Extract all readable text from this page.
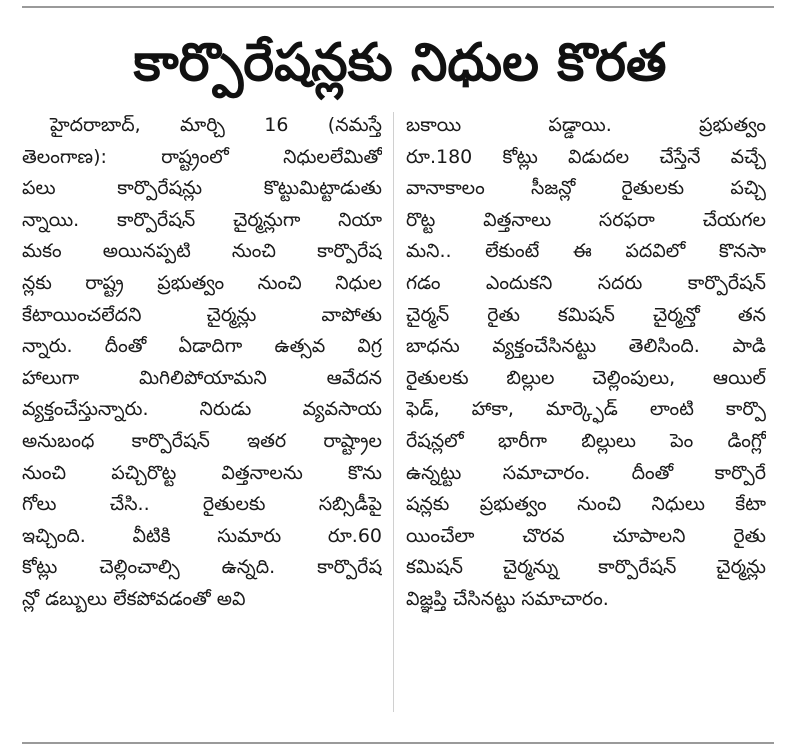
కార్పొరేషన్లకు నిధుల కొరత
హైదరాబాద్, మార్చి 16 (నమస్తే
తెలంగాణ): రాష్ట్రంలో నిధులలేమితో
పలు కార్పొరేషన్లు కొట్టుమిట్టాడుతు
న్నాయి. కార్పొరేషన్ చైర్మన్లుగా నియా
మకం అయినప్పటి నుంచి కార్పొరేష
న్లకు రాష్ట్ర ప్రభుత్వం నుంచి నిధుల
కేటాయించలేదని చైర్మన్లు వాపోతు
న్నారు. దీంతో ఏడాదిగా ఉత్సవ విగ్ర
హాలుగా మిగిలిపోయామని ఆవేదన
వ్యక్తంచేస్తున్నారు. నిరుడు వ్యవసాయ
అనుబంధ కార్పొరేషన్ ఇతర రాష్ట్రాల
నుంచి పచ్చిరొట్ట విత్తనాలను కొను
గోలు చేసి.. రైతులకు సబ్సిడీపై
ఇచ్చింది. వీటికి సుమారు రూ.60
కోట్లు చెల్లించాల్సి ఉన్నది. కార్పొరేష
న్లో డబ్బులు లేకపోవడంతో అవి
బకాయి పడ్డాయి. ప్రభుత్వం
రూ.180 కోట్లు విడుదల చేస్తేనే వచ్చే
వానాకాలం సీజన్లో రైతులకు పచ్చి
రొట్ట విత్తనాలు సరఫరా చేయగల
మని.. లేకుంటే ఈ పదవిలో కొనసా
గడం ఎందుకని సదరు కార్పొరేషన్
చైర్మన్ రైతు కమిషన్ చైర్మన్తో తన
బాధను వ్యక్తంచేసినట్టు తెలిసింది. పాడి
రైతులకు బిల్లుల చెల్లింపులు, ఆయిల్
ఫెడ్, హాకా, మార్క్ఫెడ్ లాంటి కార్పొ
రేషన్లలో భారీగా బిల్లులు పెం డింగ్లో
ఉన్నట్టు సమాచారం. దీంతో కార్పొరే
షన్లకు ప్రభుత్వం నుంచి నిధులు కేటా
యించేలా చొరవ చూపాలని రైతు
కమిషన్ చైర్మన్ను కార్పొరేషన్ చైర్మన్లు
విజ్ఞప్తి చేసినట్టు సమాచారం.
